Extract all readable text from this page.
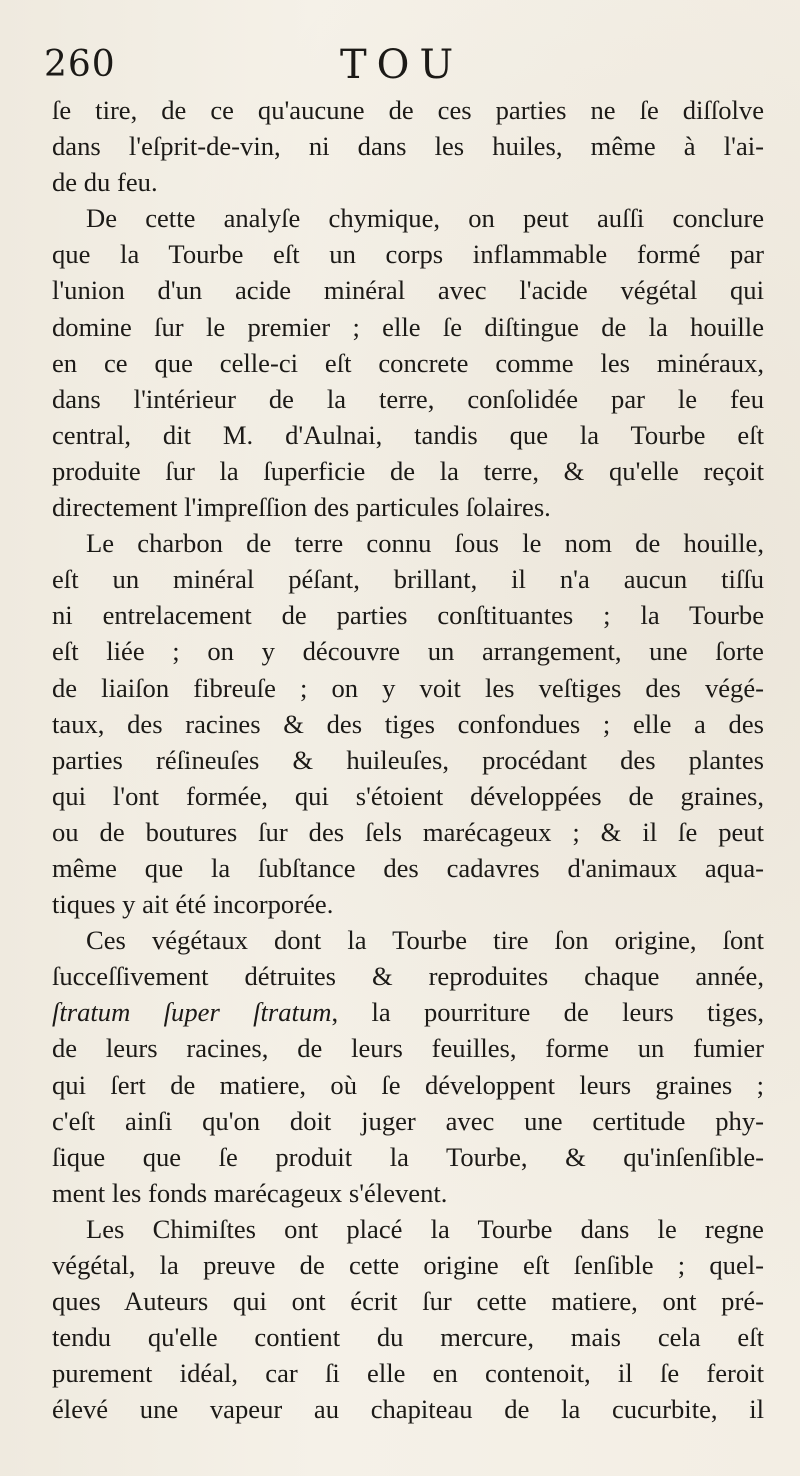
260	TOU
ſe tire, de ce qu'aucune de ces parties ne ſe diſſolve
dans l'eſprit-de-vin, ni dans les huiles, même à l'ai-
de du feu.
De cette analyſe chymique, on peut auſſi conclure
que la Tourbe eſt un corps inflammable formé par
l'union d'un acide minéral avec l'acide végétal qui
domine ſur le premier ; elle ſe diſtingue de la houille
en ce que celle-ci eſt concrete comme les minéraux,
dans l'intérieur de la terre, conſolidée par le feu
central, dit M. d'Aulnai, tandis que la Tourbe eſt
produite ſur la ſuperficie de la terre, & qu'elle reçoit
directement l'impreſſion des particules ſolaires.
Le charbon de terre connu ſous le nom de houille,
eſt un minéral péſant, brillant, il n'a aucun tiſſu
ni entrelacement de parties conſtituantes ; la Tourbe
eſt liée ; on y découvre un arrangement, une ſorte
de liaiſon fibreuſe ; on y voit les veſtiges des végé-
taux, des racines & des tiges confondues ; elle a des
parties réſineuſes & huileuſes, procédant des plantes
qui l'ont formée, qui s'étoient développées de graines,
ou de boutures ſur des ſels marécageux ; & il ſe peut
même que la ſubſtance des cadavres d'animaux aqua-
tiques y ait été incorporée.
Ces végétaux dont la Tourbe tire ſon origine, ſont
ſucceſſivement détruites & reproduites chaque année,
ſtratum ſuper ſtratum, la pourriture de leurs tiges,
de leurs racines, de leurs feuilles, forme un fumier
qui ſert de matiere, où ſe développent leurs graines ;
c'eſt ainſi qu'on doit juger avec une certitude phy-
ſique que ſe produit la Tourbe, & qu'inſenſible-
ment les fonds marécageux s'élevent.
Les Chimiſtes ont placé la Tourbe dans le regne
végétal, la preuve de cette origine eſt ſenſible ; quel-
ques Auteurs qui ont écrit ſur cette matiere, ont pré-
tendu qu'elle contient du mercure, mais cela eſt
purement idéal, car ſi elle en contenoit, il ſe feroit
élevé une vapeur au chapiteau de la cucurbite, il
